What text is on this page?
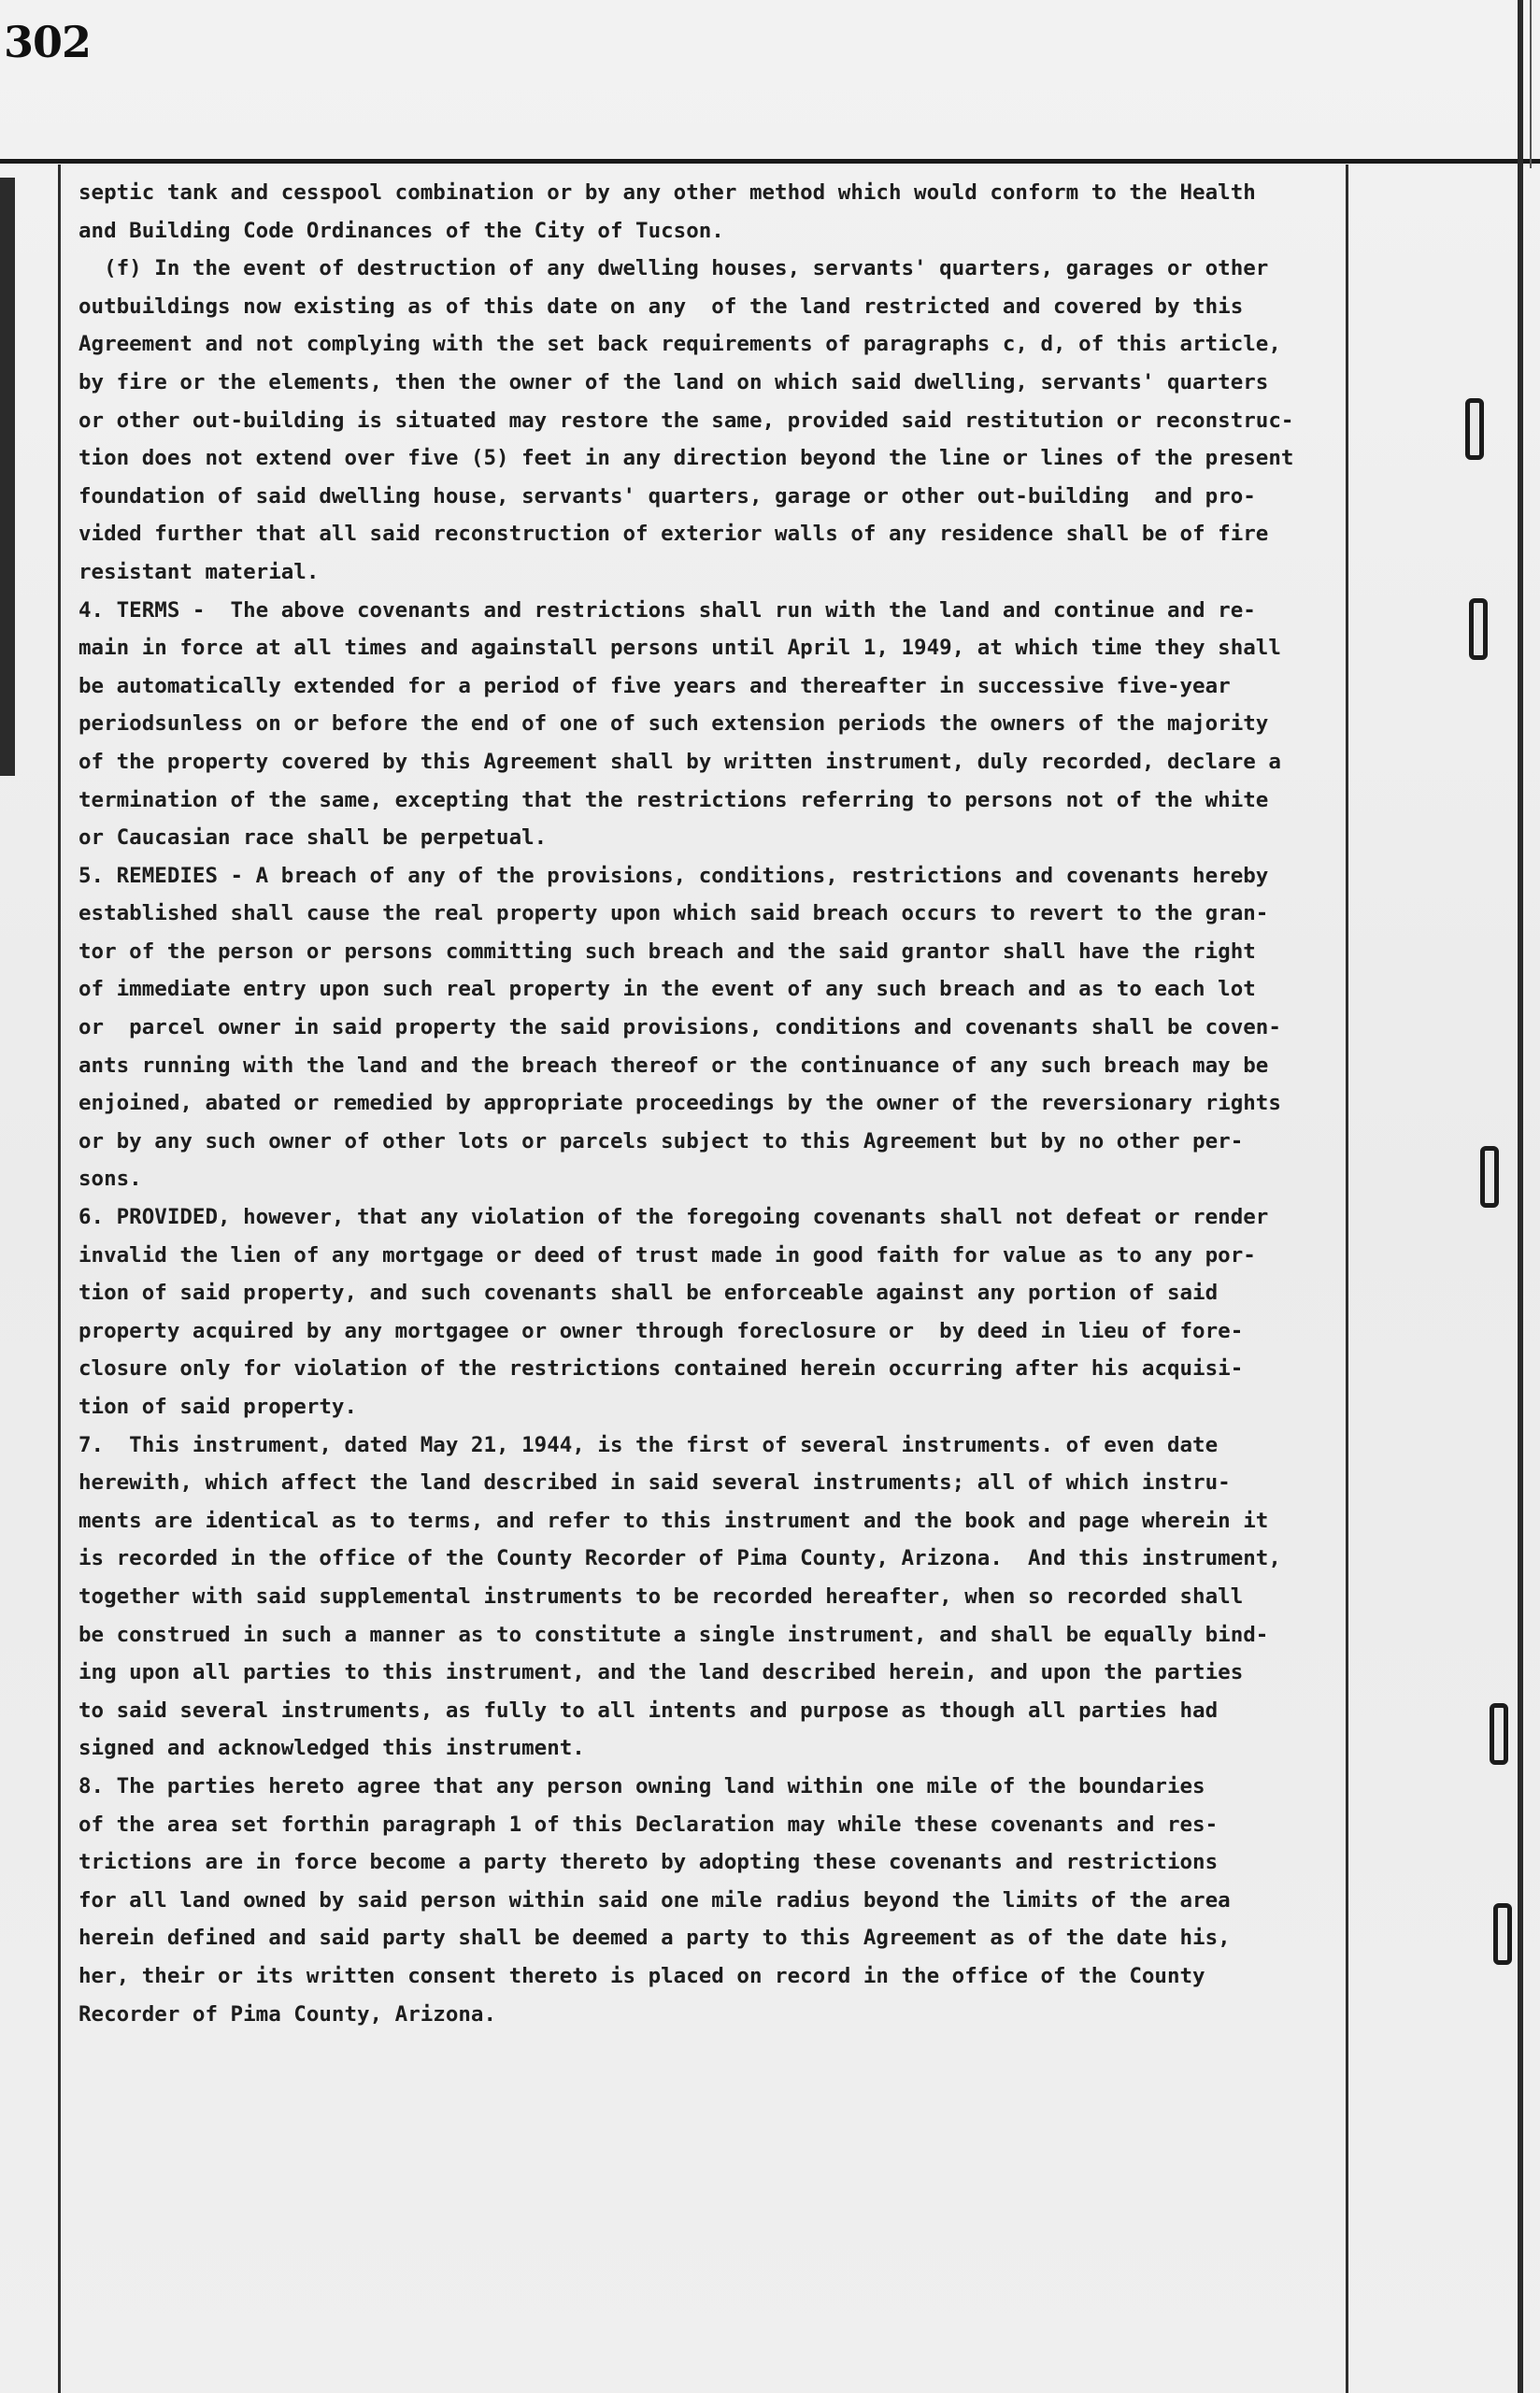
302
septic tank and cesspool combination or by any other method which would conform to the Health
and Building Code Ordinances of the City of Tucson.
(f) In the event of destruction of any dwelling houses, servants' quarters, garages or other
outbuildings now existing as of this date on any  of the land restricted and covered by this
Agreement and not complying with the set back requirements of paragraphs c, d, of this article,
by fire or the elements, then the owner of the land on which said dwelling, servants' quarters
or other out-building is situated may restore the same, provided said restitution or reconstruc-
tion does not extend over five (5) feet in any direction beyond the line or lines of the present
foundation of said dwelling house, servants' quarters, garage or other out-building  and pro-
vided further that all said reconstruction of exterior walls of any residence shall be of fire
resistant material.
4. TERMS -  The above covenants and restrictions shall run with the land and continue and re-
main in force at all times and againstall persons until April 1, 1949, at which time they shall
be automatically extended for a period of five years and thereafter in successive five-year
periodsunless on or before the end of one of such extension periods the owners of the majority
of the property covered by this Agreement shall by written instrument, duly recorded, declare a
termination of the same, excepting that the restrictions referring to persons not of the white
or Caucasian race shall be perpetual.
5. REMEDIES - A breach of any of the provisions, conditions, restrictions and covenants hereby
established shall cause the real property upon which said breach occurs to revert to the gran-
tor of the person or persons committing such breach and the said grantor shall have the right
of immediate entry upon such real property in the event of any such breach and as to each lot
or  parcel owner in said property the said provisions, conditions and covenants shall be coven-
ants running with the land and the breach thereof or the continuance of any such breach may be
enjoined, abated or remedied by appropriate proceedings by the owner of the reversionary rights
or by any such owner of other lots or parcels subject to this Agreement but by no other per-
sons.
6. PROVIDED, however, that any violation of the foregoing covenants shall not defeat or render
invalid the lien of any mortgage or deed of trust made in good faith for value as to any por-
tion of said property, and such covenants shall be enforceable against any portion of said
property acquired by any mortgagee or owner through foreclosure or  by deed in lieu of fore-
closure only for violation of the restrictions contained herein occurring after his acquisi-
tion of said property.
7.  This instrument, dated May 21, 1944, is the first of several instruments. of even date
herewith, which affect the land described in said several instruments; all of which instru-
ments are identical as to terms, and refer to this instrument and the book and page wherein it
is recorded in the office of the County Recorder of Pima County, Arizona.  And this instrument,
together with said supplemental instruments to be recorded hereafter, when so recorded shall
be construed in such a manner as to constitute a single instrument, and shall be equally bind-
ing upon all parties to this instrument, and the land described herein, and upon the parties
to said several instruments, as fully to all intents and purpose as though all parties had
signed and acknowledged this instrument.
8. The parties hereto agree that any person owning land within one mile of the boundaries
of the area set forthin paragraph 1 of this Declaration may while these covenants and res-
trictions are in force become a party thereto by adopting these covenants and restrictions
for all land owned by said person within said one mile radius beyond the limits of the area
herein defined and said party shall be deemed a party to this Agreement as of the date his,
her, their or its written consent thereto is placed on record in the office of the County
Recorder of Pima County, Arizona.
